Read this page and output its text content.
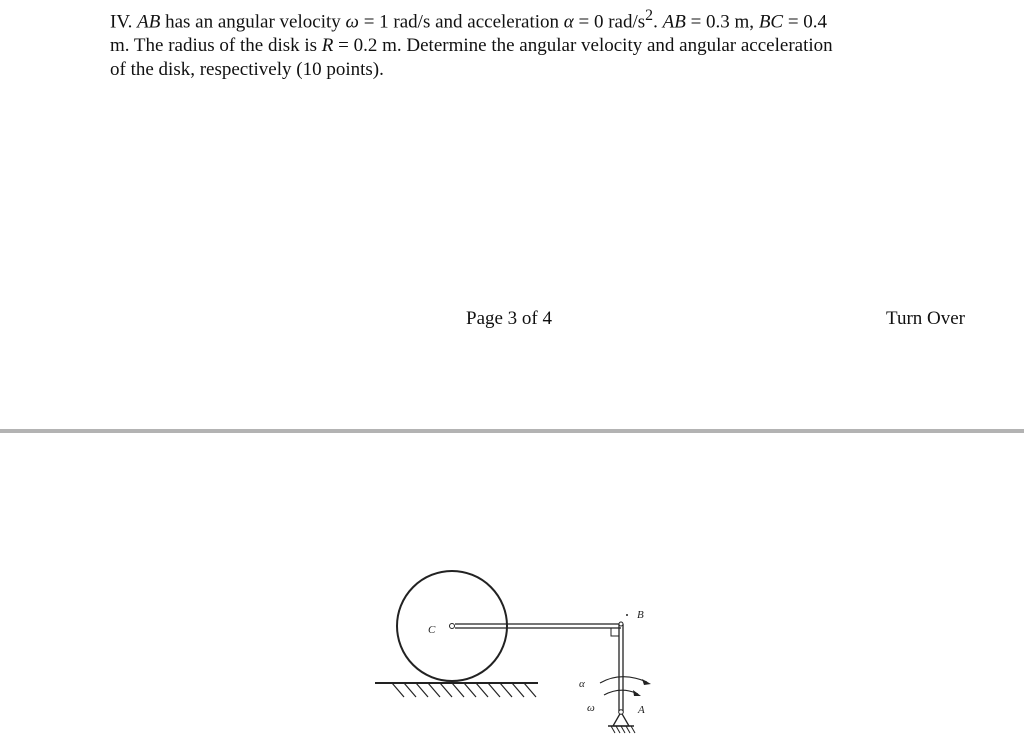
IV. AB has an angular velocity ω = 1 rad/s and acceleration α = 0 rad/$s^2$. AB = 0.3 m, BC = 0.4
m. The radius of the disk is R = 0.2 m. Determine the angular velocity and angular acceleration
of the disk, respectively (10 points).

Page 3 of 4	Turn Over
C
B
α
ω	A
